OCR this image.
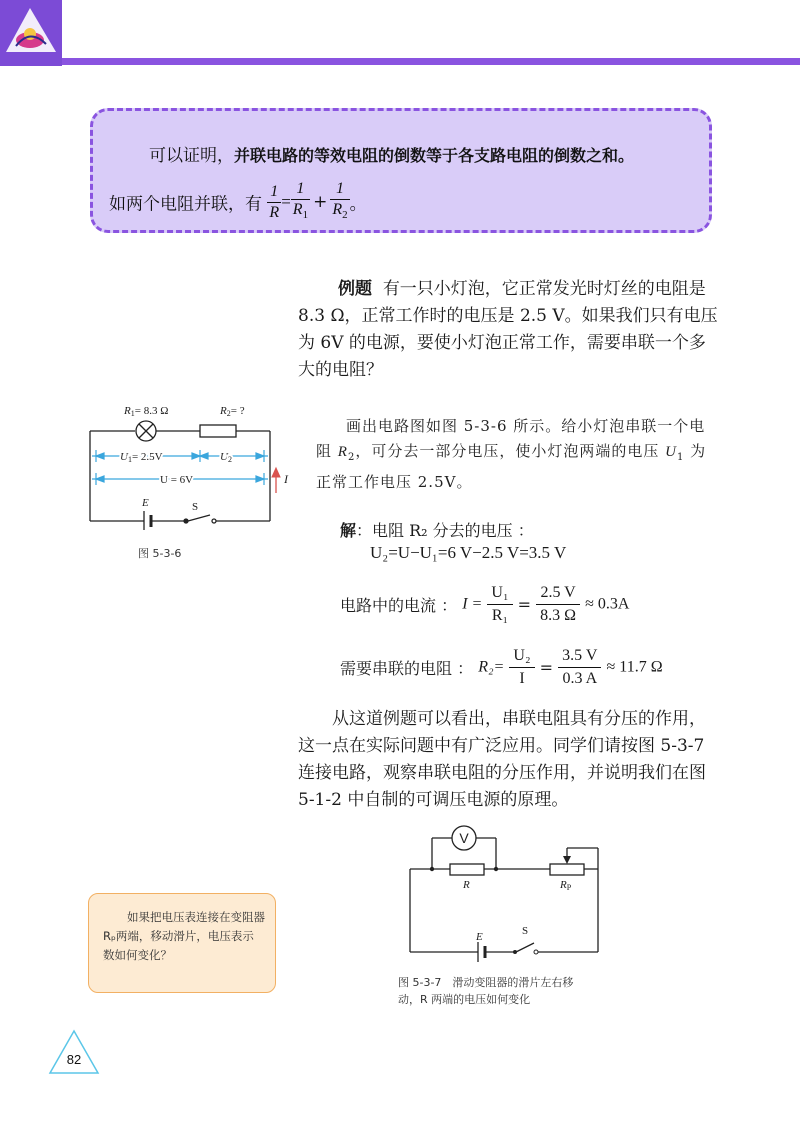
可以证明，并联电路的等效电阻的倒数等于各支路电阻的倒数之和。
如两个电阻并联，有 $\frac{1}{R} = \frac{1}{R_1} + \frac{1}{R_2}$ 。
例题 有一只小灯泡，它正常发光时灯丝的电阻是 8.3 Ω，正常工作时的电压是 2.5 V。如果我们只有电压为 6V 的电源，要使小灯泡正常工作，需要串联一个多大的电阻？
R1= 8.3 Ω	R2= ?
U1= 2.5V	U2
U = 6V	I
E	S
图 5-3-6
画出电路图如图 5-3-6 所示。给小灯泡串联一个电阻 $R_2$，可分去一部分电压，使小灯泡两端的电压 $U_1$ 为正常工作电压 2.5V。
解：电阻 R₂ 分去的电压 ：
U₂=U−U₁=6 V−2.5 V=3.5 V
电路中的电流 ： $I = \frac{\text{U₁}}{\text{R₁}} = \frac{2.5 V}{8.3 \Omega} \approx 0.3A$
需要串联的电阻 ： $R_2= \frac{\text{U₂}}{I} = \frac{3.5 V}{0.3 A} \approx 11.7$ Ω
从这道例题可以看出，串联电阻具有分压的作用，这一点在实际问题中有广泛应用。同学们请按图 5-3-7 连接电路，观察串联电阻的分压作用，并说明我们在图 5-1-2 中自制的可调压电源的原理。
V
R	RP
E	S
图 5-3-7　滑动变阻器的滑片左右移
动，R 两端的电压如何变化
如果把电压表连接在变阻器Rₚ两端，移动滑片，电压表示数如何变化？
82
